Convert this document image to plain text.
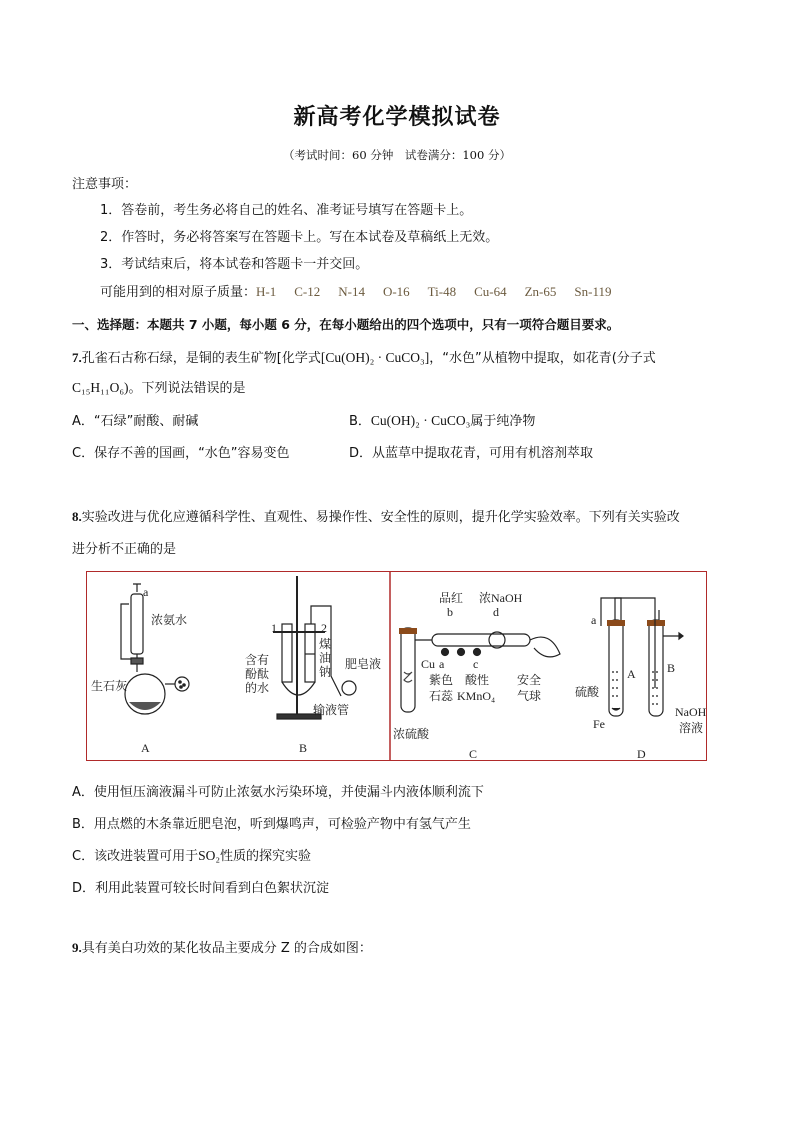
新高考化学模拟试卷
（考试时间：60 分钟　试卷满分：100 分）
注意事项：
1．答卷前，考生务必将自己的姓名、准考证号填写在答题卡上。
2．作答时，务必将答案写在答题卡上。写在本试卷及草稿纸上无效。
3．考试结束后，将本试卷和答题卡一并交回。
可能用到的相对原子质量：H-1 C-12 N-14 O-16 Ti-48 Cu-64 Zn-65 Sn-119
一、选择题：本题共 7 小题，每小题 6 分，在每小题给出的四个选项中，只有一项符合题目要求。
7.孔雀石古称石绿，是铜的表生矿物[化学式[Cu(OH)₂ · CuCO₃]，“水色”从植物中提取，如花青(分子式
C₁₅H₁₁O₆)。下列说法错误的是
A．“石绿”耐酸、耐碱	B．Cu(OH)₂ · CuCO₃属于纯净物
C．保存不善的国画，“水色”容易变色	D．从蓝草中提取花青，可用有机溶剂萃取
8.实验改进与优化应遵循科学性、直观性、易操作性、安全性的原则，提升化学实验效率。下列有关实验改
进分析不正确的是
a
浓氨水
生石灰
A
1	2
煤
油
钠
含有
酚酞
的水
肥皂液
输液管
B
品红
b
浓NaOH
d
Cu a c
紫色
石蕊
酸性
KMnO₄
安全
气球
浓硫酸
C
a
A	B
硫酸
Fe
NaOH
溶液
D
A．使用恒压滴液漏斗可防止浓氨水污染环境，并使漏斗内液体顺利流下
B．用点燃的木条靠近肥皂泡，听到爆鸣声，可检验产物中有氢气产生
C．该改进装置可用于SO₂性质的探究实验
D．利用此装置可较长时间看到白色絮状沉淀
9.具有美白功效的某化妆品主要成分 Z 的合成如图：
